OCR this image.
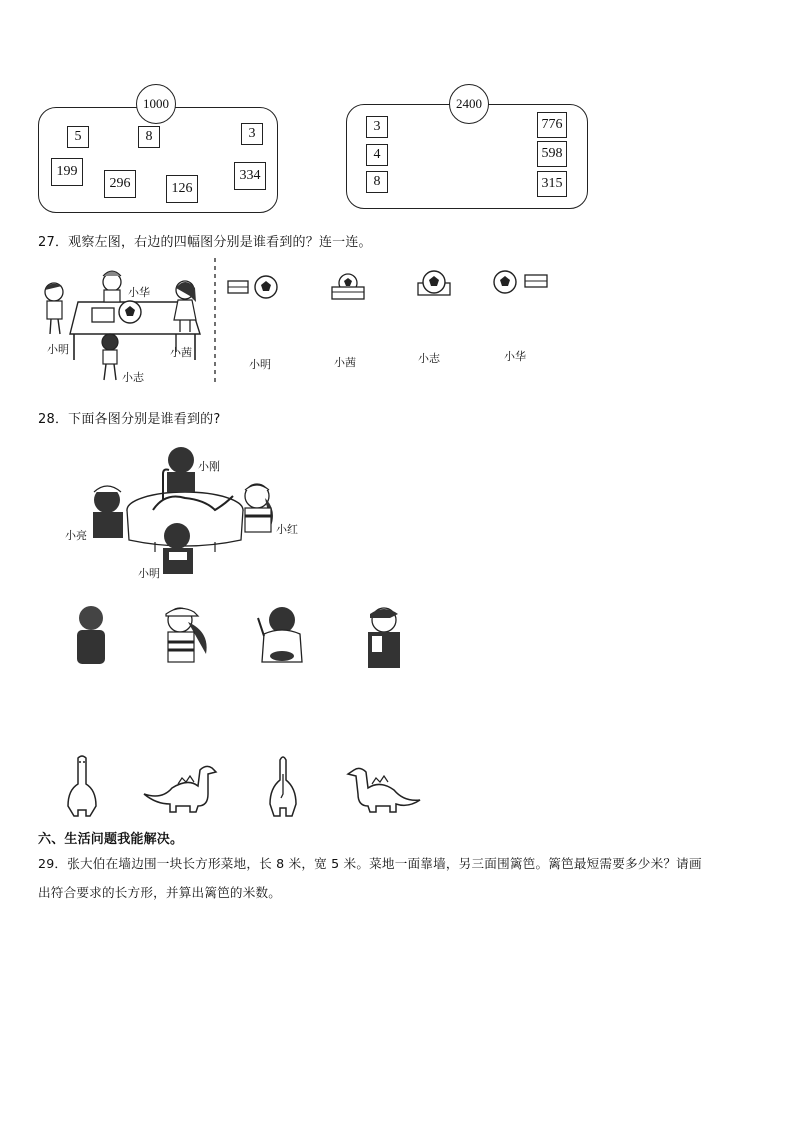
1000
5	8	3
199
296	126
334
2400
3
4
8
776
598
315
27．观察左图，右边的四幅图分别是谁看到的？连一连。
小华
小明	小茜
小志
小明	小茜	小志	小华
28．下面各图分别是谁看到的?
小刚
小亮	小红
小明
六、生活问题我能解决。
29．张大伯在墙边围一块长方形菜地，长 8 米，宽 5 米。菜地一面靠墙，另三面围篱笆。篱笆最短需要多少米？请画
出符合要求的长方形，并算出篱笆的米数。
